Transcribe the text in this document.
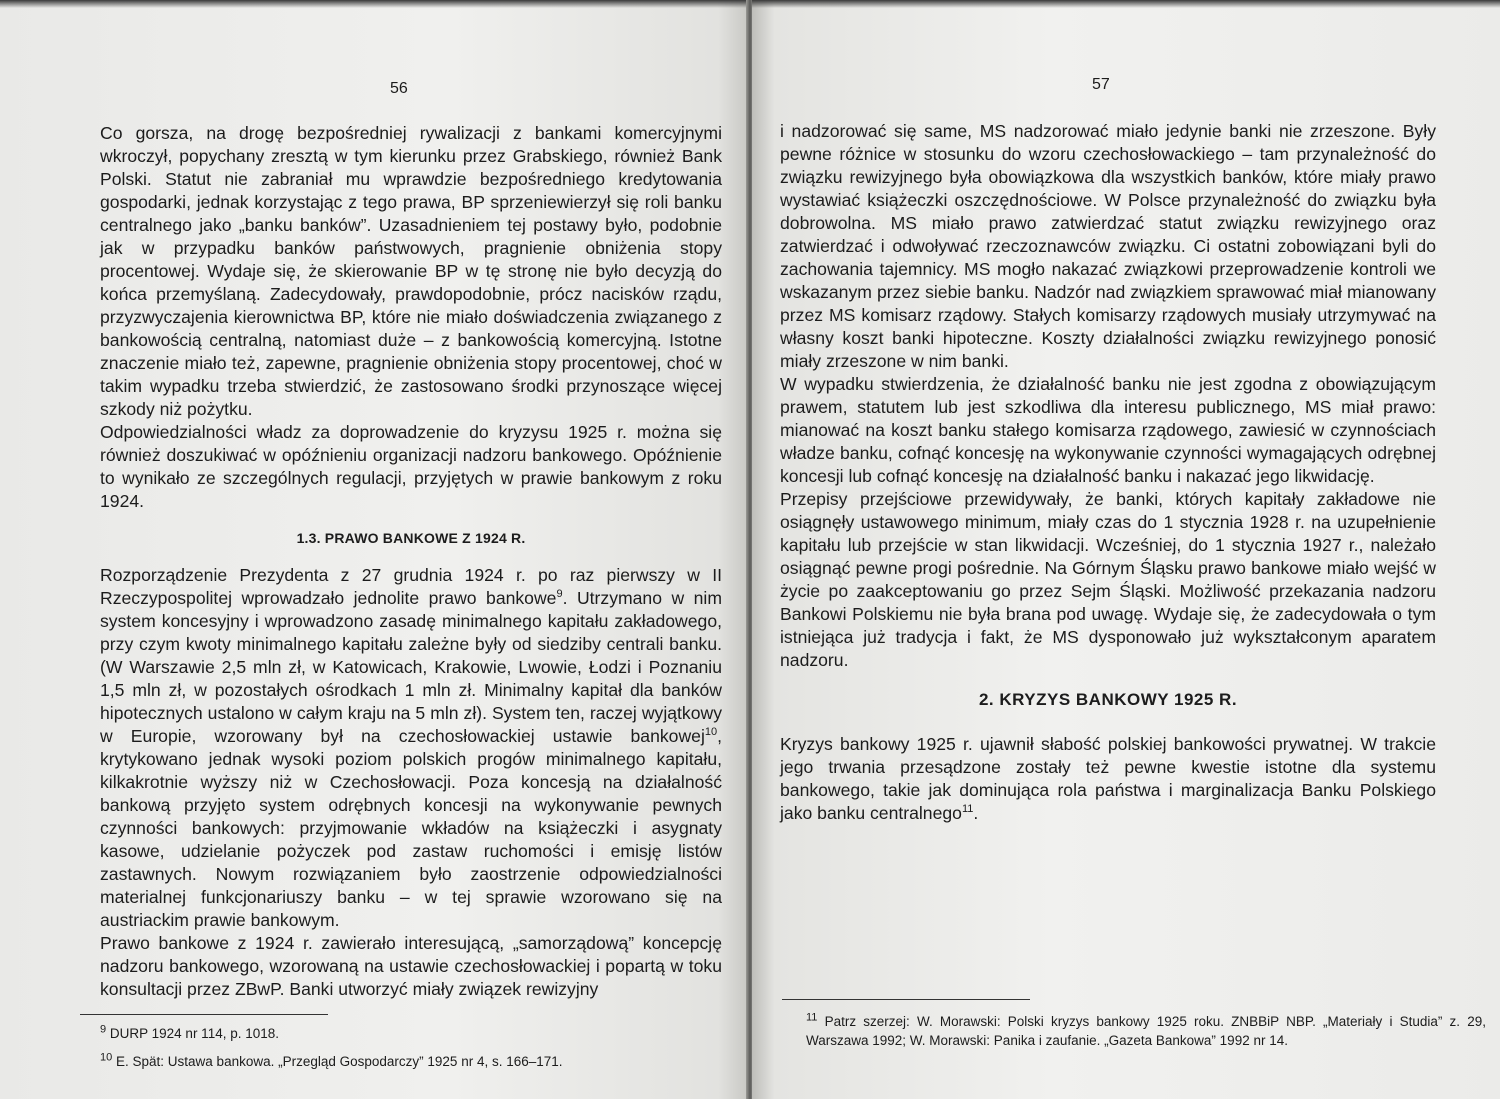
56

Co gorsza, na drogę bezpośredniej rywalizacji z bankami komercyjnymi wkroczył, popychany zresztą w tym kierunku przez Grabskiego, również Bank Polski. Statut nie zabraniał mu wprawdzie bezpośredniego kredytowania gospodarki, jednak korzystając z tego prawa, BP sprzeniewierzył się roli banku centralnego jako „banku banków”. Uzasadnieniem tej postawy było, podobnie jak w przypadku banków państwowych, pragnienie obniżenia stopy procentowej. Wydaje się, że skierowanie BP w tę stronę nie było decyzją do końca przemyślaną. Zadecydowały, prawdopodobnie, prócz nacisków rządu, przyzwyczajenia kierownictwa BP, które nie miało doświadczenia związanego z bankowością centralną, natomiast duże – z bankowością komercyjną. Istotne znaczenie miało też, zapewne, pragnienie obniżenia stopy procentowej, choć w takim wypadku trzeba stwierdzić, że zastosowano środki przynoszące więcej szkody niż pożytku.

Odpowiedzialności władz za doprowadzenie do kryzysu 1925 r. można się również doszukiwać w opóźnieniu organizacji nadzoru bankowego. Opóźnienie to wynikało ze szczególnych regulacji, przyjętych w prawie bankowym z roku 1924.

1.3. PRAWO BANKOWE Z 1924 R.

Rozporządzenie Prezydenta z 27 grudnia 1924 r. po raz pierwszy w II Rzeczypospolitej wprowadzało jednolite prawo bankowe$^9$. Utrzymano w nim system koncesyjny i wprowadzono zasadę minimalnego kapitału zakładowego, przy czym kwoty minimalnego kapitału zależne były od siedziby centrali banku. (W Warszawie 2,5 mln zł, w Katowicach, Krakowie, Lwowie, Łodzi i Poznaniu 1,5 mln zł, w pozostałych ośrodkach 1 mln zł. Minimalny kapitał dla banków hipotecznych ustalono w całym kraju na 5 mln zł). System ten, raczej wyjątkowy w Europie, wzorowany był na czechosłowackiej ustawie bankowej$^{10}$, krytykowano jednak wysoki poziom polskich progów minimalnego kapitału, kilkakrotnie wyższy niż w Czechosłowacji. Poza koncesją na działalność bankową przyjęto system odrębnych koncesji na wykonywanie pewnych czynności bankowych: przyjmowanie wkładów na książeczki i asygnaty kasowe, udzielanie pożyczek pod zastaw ruchomości i emisję listów zastawnych. Nowym rozwiązaniem było zaostrzenie odpowiedzialności materialnej funkcjonariuszy banku – w tej sprawie wzorowano się na austriackim prawie bankowym.

Prawo bankowe z 1924 r. zawierało interesującą, „samorządową” koncepcję nadzoru bankowego, wzorowaną na ustawie czechosłowackiej i popartą w toku konsultacji przez ZBwP. Banki utworzyć miały związek rewizyjny

$^9$ DURP 1924 nr 114, p. 1018.
$^{10}$ E. Spät: Ustawa bankowa. „Przegląd Gospodarczy” 1925 nr 4, s. 166–171.
57

i nadzorować się same, MS nadzorować miało jedynie banki nie zrzeszone. Były pewne różnice w stosunku do wzoru czechosłowackiego – tam przynależność do związku rewizyjnego była obowiązkowa dla wszystkich banków, które miały prawo wystawiać książeczki oszczędnościowe. W Polsce przynależność do związku była dobrowolna. MS miało prawo zatwierdzać statut związku rewizyjnego oraz zatwierdzać i odwoływać rzeczoznawców związku. Ci ostatni zobowiązani byli do zachowania tajemnicy. MS mogło nakazać związkowi przeprowadzenie kontroli we wskazanym przez siebie banku. Nadzór nad związkiem sprawować miał mianowany przez MS komisarz rządowy. Stałych komisarzy rządowych musiały utrzymywać na własny koszt banki hipoteczne. Koszty działalności związku rewizyjnego ponosić miały zrzeszone w nim banki.

W wypadku stwierdzenia, że działalność banku nie jest zgodna z obowiązującym prawem, statutem lub jest szkodliwa dla interesu publicznego, MS miał prawo: mianować na koszt banku stałego komisarza rządowego, zawiesić w czynnościach władze banku, cofnąć koncesję na wykonywanie czynności wymagających odrębnej koncesji lub cofnąć koncesję na działalność banku i nakazać jego likwidację.

Przepisy przejściowe przewidywały, że banki, których kapitały zakładowe nie osiągnęły ustawowego minimum, miały czas do 1 stycznia 1928 r. na uzupełnienie kapitału lub przejście w stan likwidacji. Wcześniej, do 1 stycznia 1927 r., należało osiągnąć pewne progi pośrednie. Na Górnym Śląsku prawo bankowe miało wejść w życie po zaakceptowaniu go przez Sejm Śląski. Możliwość przekazania nadzoru Bankowi Polskiemu nie była brana pod uwagę. Wydaje się, że zadecydowała o tym istniejąca już tradycja i fakt, że MS dysponowało już wykształconym aparatem nadzoru.

2. KRYZYS BANKOWY 1925 R.

Kryzys bankowy 1925 r. ujawnił słabość polskiej bankowości prywatnej. W trakcie jego trwania przesądzone zostały też pewne kwestie istotne dla systemu bankowego, takie jak dominująca rola państwa i marginalizacja Banku Polskiego jako banku centralnego$^{11}$.

$^{11}$ Patrz szerzej: W. Morawski: Polski kryzys bankowy 1925 roku. ZNBBiP NBP. „Materiały i Studia” z. 29, Warszawa 1992; W. Morawski: Panika i zaufanie. „Gazeta Bankowa” 1992 nr 14.
